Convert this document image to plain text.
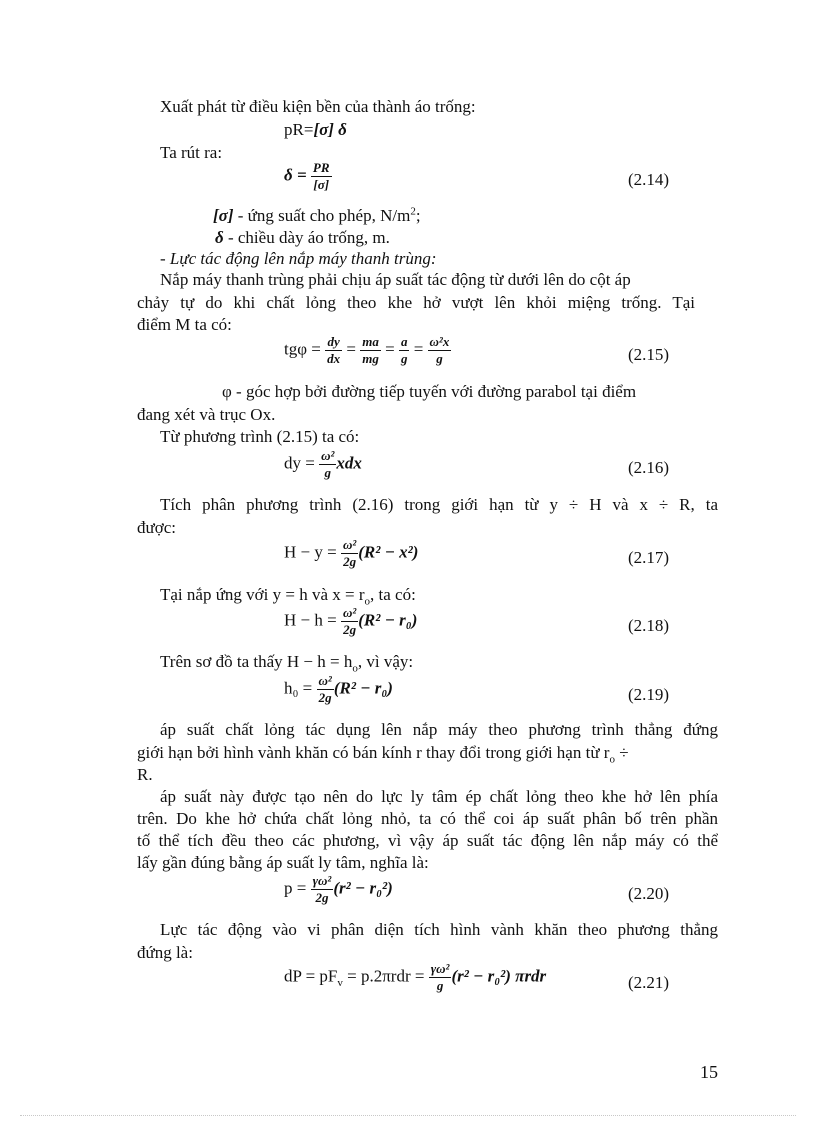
Xuất phát từ điều kiện bền của thành áo trống:
pR=[σ] δ
Ta rút ra:
$\delta = \frac{PR}{[\sigma]}$	(2.14)
[σ] - ứng suất cho phép, $N/m^2$;
δ - chiều dày áo trống, m.
- Lực tác động lên nắp máy thanh trùng:
Nắp máy thanh trùng phải chịu áp suất tác động từ dưới lên do cột áp
chảy tự do khi chất lỏng theo khe hở vượt lên khỏi miệng trống. Tại
điểm M ta có:
$tg\varphi = \frac{dy}{dx} = \frac{ma}{mg} = \frac{a}{g} = \frac{\text{ω²x}}{g}$	(2.15)
φ - góc hợp bởi đường tiếp tuyến với đường parabol tại điểm
đang xét và trục Ox.
Từ phương trình (2.15) ta có:
dy = $\frac{\text{ω²}}{g}$ xdx	(2.16)
Tích phân phương trình (2.16) trong giới hạn từ y ÷ H và x ÷ R, ta
được:
$H - y = \frac{\text{ω²}}{2g} (R^2 - x^2)$	(2.17)
Tại nắp ứng với y = h và $x = r_o$, ta có:
$H - h = \frac{\text{ω²}}{2g} (R^2 - r_0)$	(2.18)
Trên sơ đồ ta thấy $H - h = h_o$, vì vậy:
$h_0 = \frac{\text{ω²}}{2g} (R^2 - r_0)$	(2.19)
áp suất chất lỏng tác dụng lên nắp máy theo phương trình thẳng đứng
giới hạn bởi hình vành khăn có bán kính r thay đổi trong giới hạn từ $r_o$ ÷
R.
áp suất này được tạo nên do lực ly tâm ép chất lỏng theo khe hở lên phía
trên. Do khe hở chứa chất lỏng nhỏ, ta có thể coi áp suất phân bố trên phần
tố thể tích đều theo các phương, vì vậy áp suất tác động lên nắp máy có thể
lấy gần đúng bằng áp suất ly tâm, nghĩa là:
$p = \frac{\text{γω²}}{2g} (r^2 - r_0^2)$	(2.20)
Lực tác động vào vi phân diện tích hình vành khăn theo phương thẳng
đứng là:
dP = $pF_v = p.2\pi rdr = \frac{\text{γω²}}{g} (r^2 - r_0^2)$ πrdr	(2.21)
15
